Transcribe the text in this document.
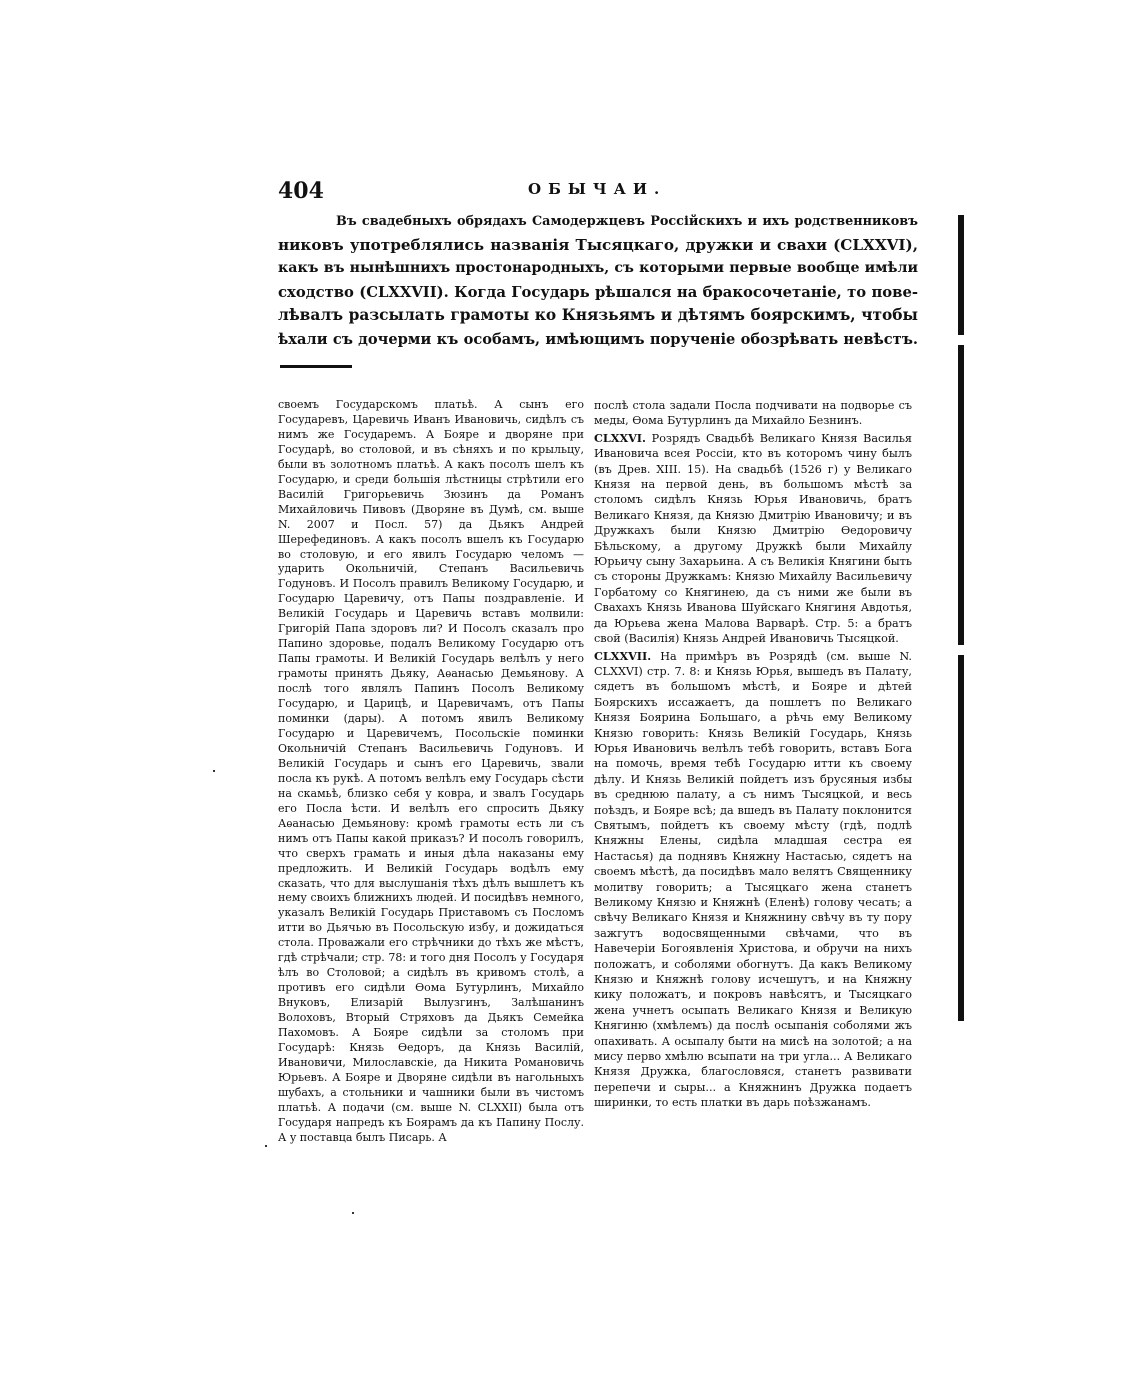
404	ОБЫЧАИ.
Въ свадебныхъ обрядахъ Самодержцевъ Россійскихъ и ихъ родственниковъ
никовъ употреблялись названія Тысяцкаго, дружки и свахи (CLXXVI),
какъ въ нынѣшнихъ простонародныхъ, съ которыми первые вообще имѣли
сходство (CLXXVII). Когда Государь рѣшался на бракосочетаніе, то пове-
лѣвалъ разсылать грамоты ко Князьямъ и дѣтямъ боярскимъ, чтобы
ѣхали съ дочерми къ особамъ, имѣющимъ порученіе обозрѣвать невѣстъ.

своемъ Государскомъ платьѣ. А сынъ его Государевъ, Царевичь Иванъ Ивановичь, сидѣлъ съ нимъ же Государемъ. А Бояре и дворяне при Государѣ, во столовой, и въ сѣняхъ и по крыльцу, были въ золотномъ платьѣ. А какъ посолъ шелъ къ Государю, и среди большія лѣстницы стрѣтили его Василій Григорьевичь Зюзинъ да Романъ Михайловичь Пивовъ (Дворяне въ Думѣ, см. выше N. 2007 и Посл. 57) да Дьякъ Андрей Шерефединовъ. А какъ посолъ вшелъ къ Государю во столовую, и его явилъ Государю челомъ — ударить Окольничій, Степанъ Васильевичь Годуновъ. И Посолъ правилъ Великому Государю, и Государю Царевичу, отъ Папы поздравленіе. И Великій Государь и Царевичь вставъ молвили: Григорій Папа здоровъ ли? И Посолъ сказалъ про Папино здоровье, подалъ Великому Государю отъ Папы грамоты. И Великій Государь велѣлъ у него грамоты принять Дьяку, Аѳанасью Демьянову. А послѣ того являлъ Папинъ Посолъ Великому Государю, и Царицѣ, и Царевичамъ, отъ Папы поминки (дары). А потомъ явилъ Великому Государю и Царевичемъ, Посольскіе поминки Окольничій Степанъ Васильевичь Годуновъ. И Великій Государь и сынъ его Царевичь, звали посла къ рукѣ. А потомъ велѣлъ ему Государь сѣсти на скамьѣ, близко себя у ковра, и звалъ Государь его Посла ѣсти. И велѣлъ его спросить Дьяку Аѳанасью Демьянову: кромѣ грамоты есть ли съ нимъ отъ Папы какой приказъ? И посолъ говорилъ, что сверхъ грамать и иныя дѣла наказаны ему предложить. И Великій Государь водѣлъ ему сказать, что для выслушанія тѣхъ дѣлъ вышлетъ къ нему своихъ ближнихъ людей. И посидѣвъ немного, указалъ Великій Государь Приставомъ съ Посломъ итти во Дьячью въ Посольскую избу, и дожидаться стола. Проважали его стрѣчники до тѣхъ же мѣстъ, гдѣ стрѣчали; стр. 78: и того дня Посолъ у Государя ѣлъ во Столовой; а сидѣлъ въ кривомъ столѣ, а противъ его сидѣли Ѳома Бутурлинъ, Михайло Внуковъ, Елизарій Вылузгинъ, Залѣшанинъ Волоховъ, Вторый Стряховъ да Дьякъ Семейка Пахомовъ. А Бояре сидѣли за столомъ при Государѣ: Князь Ѳедоръ, да Князь Василій, Ивановичи, Милославскіе, да Никита Романовичь Юрьевъ. А Бояре и Дворяне сидѣли въ нагольныхъ шубахъ, а стольники и чашники были въ чистомъ платьѣ. А подачи (см. выше N. CLXXII) была отъ Государя напредъ къ Боярамъ да къ Папину Послу. А у поставца былъ Писарь. А

послѣ стола задали Посла подчивати на подворье съ меды, Ѳома Бутурлинъ да Михайло Безнинъ.

CLXXVI. Розрядъ Свадьбѣ Великаго Князя Василья Ивановича всея Россіи, кто въ которомъ чину былъ (въ Древ. XIII. 15). На свадьбѣ (1526 г) у Великаго Князя на первой день, въ большомъ мѣстѣ за столомъ сидѣлъ Князь Юрья Ивановичь, братъ Великаго Князя, да Князю Дмитрію Ивановичу; и въ Дружкахъ были Князю Дмитрію Ѳедоровичу Бѣльскому, а другому Дружкѣ были Михайлу Юрьичу сыну Захарьина. А съ Великія Княгини быть съ стороны Дружкамъ: Князю Михайлу Васильевичу Горбатому со Княгинею, да съ ними же были въ Свахахъ Князь Иванова Шуйскаго Княгиня Авдотья, да Юрьева жена Малова Варварѣ. Стр. 5: а братъ свой (Василія) Князь Андрей Ивановичь Тысяцкой.

CLXXVII. На примѣръ въ Розрядѣ (см. выше N. CLXXVI) стр. 7. 8: и Князь Юрья, вышедъ въ Палату, сядетъ въ большомъ мѣстѣ, и Бояре и дѣтей Боярскихъ иссажаетъ, да пошлетъ по Великаго Князя Боярина Большаго, а рѣчь ему Великому Князю говорить: Князь Великій Государь, Князь Юрья Ивановичь велѣлъ тебѣ говорить, вставъ Бога на помочь, время тебѣ Государю итти къ своему дѣлу. И Князь Великій пойдетъ изъ брусяныя избы въ среднюю палату, а съ нимъ Тысяцкой, и весь поѣздъ, и Бояре всѣ; да вшедъ въ Палату поклонится Святымъ, пойдетъ къ своему мѣсту (гдѣ, подлѣ Княжны Елены, сидѣла младшая сестра ея Настасья) да поднявъ Княжну Настасью, сядетъ на своемъ мѣстѣ, да посидѣвъ мало велятъ Священнику молитву говорить; а Тысяцкаго жена станетъ Великому Князю и Княжнѣ (Еленѣ) голову чесать; а свѣчу Великаго Князя и Княжнину свѣчу въ ту пору зажгутъ водосвященными свѣчами, что въ Навечеріи Богоявленія Христова, и обручи на нихъ положатъ, и соболями обогнутъ. Да какъ Великому Князю и Княжнѣ голову исчешутъ, и на Княжну кику положатъ, и покровъ навѣсятъ, и Тысяцкаго жена учнетъ осыпать Великаго Князя и Великую Княгиню (хмѣлемъ) да послѣ осыпанія соболями жъ опахивать. А осыпалу быти на мисѣ на золотой; а на мису перво хмѣлю всыпати на три угла... А Великаго Князя Дружка, благословяся, станетъ развивати перепечи и сыры... а Княжнинъ Дружка подаетъ ширинки, то есть платки въ дарь поѣзжанамъ.
